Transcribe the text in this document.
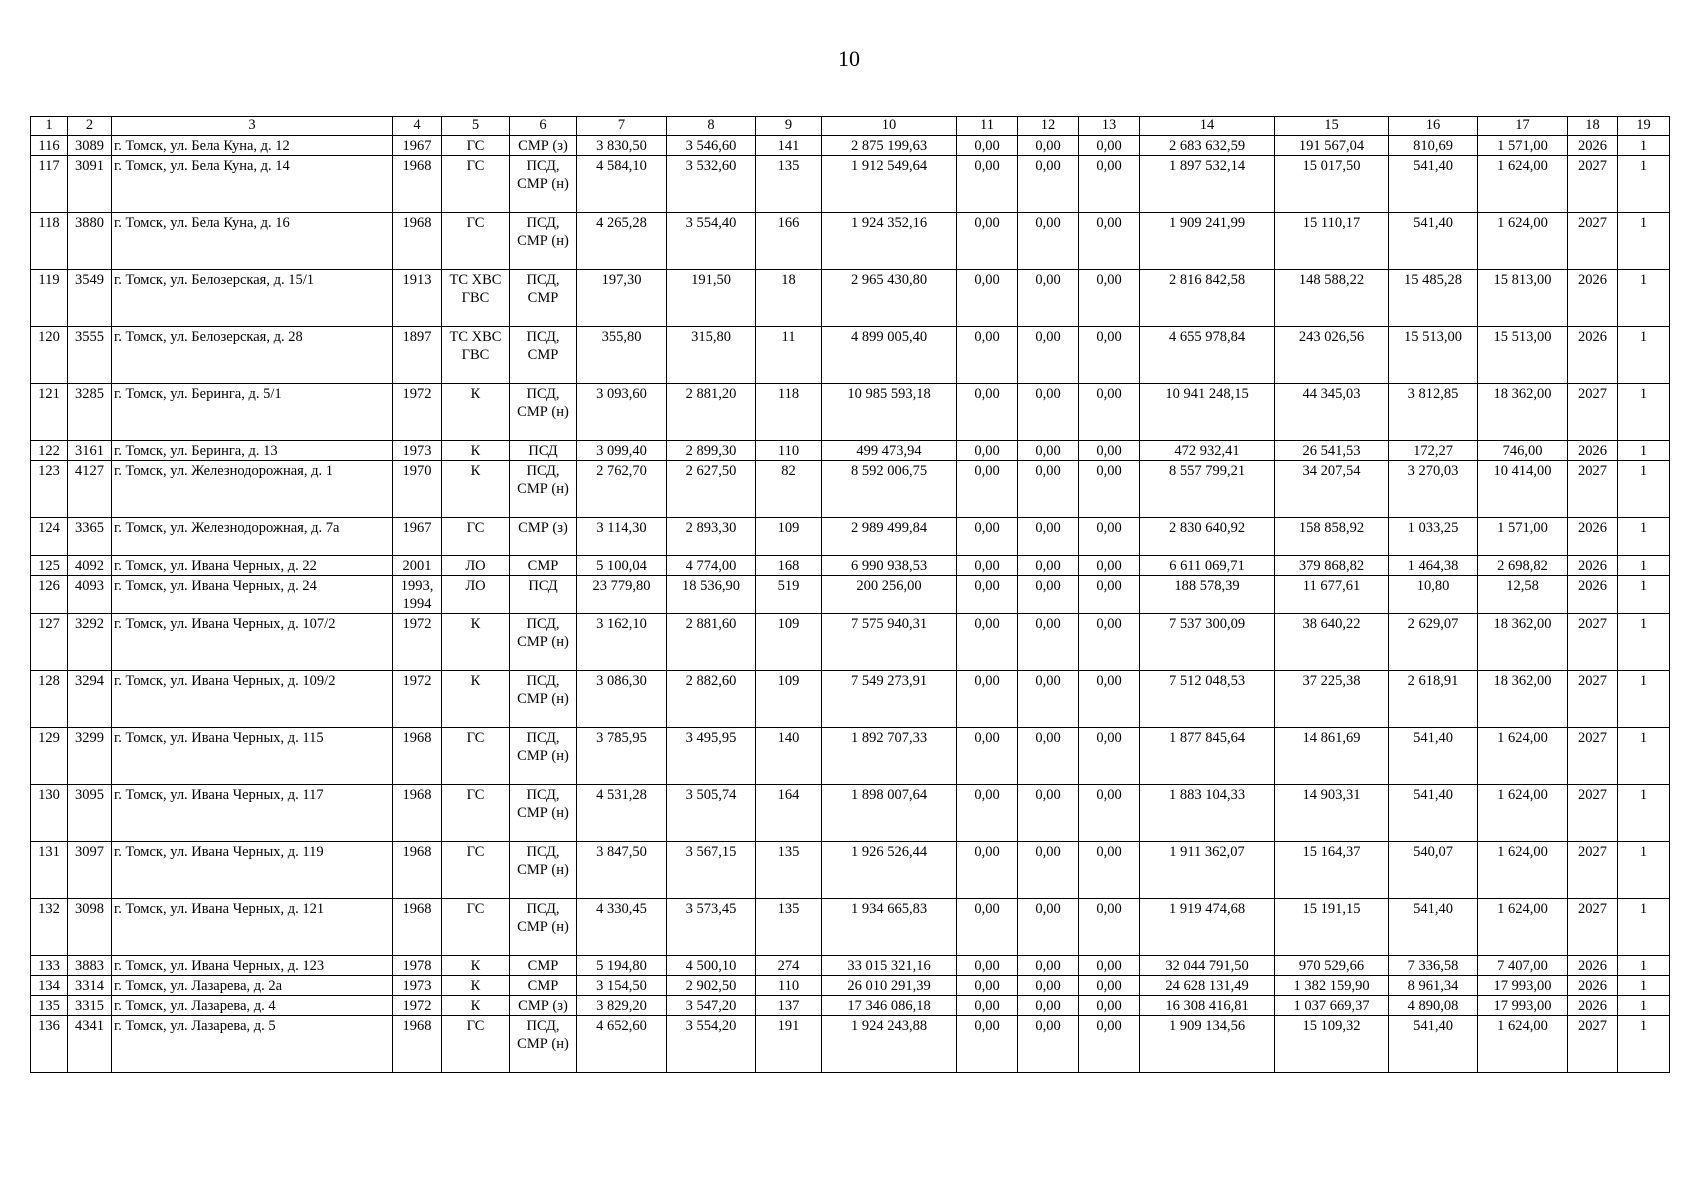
10
1	2	3	4	5	6	7	8	9	10	11	12	13	14	15	16	17	18	19
116	3089	г. Томск, ул. Бела Куна, д. 12	1967	ГС	СМР (з)	3 830,50	3 546,60	141	2 875 199,63	0,00	0,00	0,00	2 683 632,59	191 567,04	810,69	1 571,00	2026	1
117	3091	г. Томск, ул. Бела Куна, д. 14	1968	ГС	ПСД, СМР (н)	4 584,10	3 532,60	135	1 912 549,64	0,00	0,00	0,00	1 897 532,14	15 017,50	541,40	1 624,00	2027	1
118	3880	г. Томск, ул. Бела Куна, д. 16	1968	ГС	ПСД, СМР (н)	4 265,28	3 554,40	166	1 924 352,16	0,00	0,00	0,00	1 909 241,99	15 110,17	541,40	1 624,00	2027	1
119	3549	г. Томск, ул. Белозерская, д. 15/1	1913	ТС ХВС ГВС	ПСД, СМР	197,30	191,50	18	2 965 430,80	0,00	0,00	0,00	2 816 842,58	148 588,22	15 485,28	15 813,00	2026	1
120	3555	г. Томск, ул. Белозерская, д. 28	1897	ТС ХВС ГВС	ПСД, СМР	355,80	315,80	11	4 899 005,40	0,00	0,00	0,00	4 655 978,84	243 026,56	15 513,00	15 513,00	2026	1
121	3285	г. Томск, ул. Беринга, д. 5/1	1972	К	ПСД, СМР (н)	3 093,60	2 881,20	118	10 985 593,18	0,00	0,00	0,00	10 941 248,15	44 345,03	3 812,85	18 362,00	2027	1
122	3161	г. Томск, ул. Беринга, д. 13	1973	К	ПСД	3 099,40	2 899,30	110	499 473,94	0,00	0,00	0,00	472 932,41	26 541,53	172,27	746,00	2026	1
123	4127	г. Томск, ул. Железнодорожная, д. 1	1970	К	ПСД, СМР (н)	2 762,70	2 627,50	82	8 592 006,75	0,00	0,00	0,00	8 557 799,21	34 207,54	3 270,03	10 414,00	2027	1
124	3365	г. Томск, ул. Железнодорожная, д. 7а	1967	ГС	СМР (з)	3 114,30	2 893,30	109	2 989 499,84	0,00	0,00	0,00	2 830 640,92	158 858,92	1 033,25	1 571,00	2026	1
125	4092	г. Томск, ул. Ивана Черных, д. 22	2001	ЛО	СМР	5 100,04	4 774,00	168	6 990 938,53	0,00	0,00	0,00	6 611 069,71	379 868,82	1 464,38	2 698,82	2026	1
126	4093	г. Томск, ул. Ивана Черных, д. 24	1993, 1994	ЛО	ПСД	23 779,80	18 536,90	519	200 256,00	0,00	0,00	0,00	188 578,39	11 677,61	10,80	12,58	2026	1
127	3292	г. Томск, ул. Ивана Черных, д. 107/2	1972	К	ПСД, СМР (н)	3 162,10	2 881,60	109	7 575 940,31	0,00	0,00	0,00	7 537 300,09	38 640,22	2 629,07	18 362,00	2027	1
128	3294	г. Томск, ул. Ивана Черных, д. 109/2	1972	К	ПСД, СМР (н)	3 086,30	2 882,60	109	7 549 273,91	0,00	0,00	0,00	7 512 048,53	37 225,38	2 618,91	18 362,00	2027	1
129	3299	г. Томск, ул. Ивана Черных, д. 115	1968	ГС	ПСД, СМР (н)	3 785,95	3 495,95	140	1 892 707,33	0,00	0,00	0,00	1 877 845,64	14 861,69	541,40	1 624,00	2027	1
130	3095	г. Томск, ул. Ивана Черных, д. 117	1968	ГС	ПСД, СМР (н)	4 531,28	3 505,74	164	1 898 007,64	0,00	0,00	0,00	1 883 104,33	14 903,31	541,40	1 624,00	2027	1
131	3097	г. Томск, ул. Ивана Черных, д. 119	1968	ГС	ПСД, СМР (н)	3 847,50	3 567,15	135	1 926 526,44	0,00	0,00	0,00	1 911 362,07	15 164,37	540,07	1 624,00	2027	1
132	3098	г. Томск, ул. Ивана Черных, д. 121	1968	ГС	ПСД, СМР (н)	4 330,45	3 573,45	135	1 934 665,83	0,00	0,00	0,00	1 919 474,68	15 191,15	541,40	1 624,00	2027	1
133	3883	г. Томск, ул. Ивана Черных, д. 123	1978	К	СМР	5 194,80	4 500,10	274	33 015 321,16	0,00	0,00	0,00	32 044 791,50	970 529,66	7 336,58	7 407,00	2026	1
134	3314	г. Томск, ул. Лазарева, д. 2а	1973	К	СМР	3 154,50	2 902,50	110	26 010 291,39	0,00	0,00	0,00	24 628 131,49	1 382 159,90	8 961,34	17 993,00	2026	1
135	3315	г. Томск, ул. Лазарева, д. 4	1972	К	СМР (з)	3 829,20	3 547,20	137	17 346 086,18	0,00	0,00	0,00	16 308 416,81	1 037 669,37	4 890,08	17 993,00	2026	1
136	4341	г. Томск, ул. Лазарева, д. 5	1968	ГС	ПСД, СМР (н)	4 652,60	3 554,20	191	1 924 243,88	0,00	0,00	0,00	1 909 134,56	15 109,32	541,40	1 624,00	2027	1
